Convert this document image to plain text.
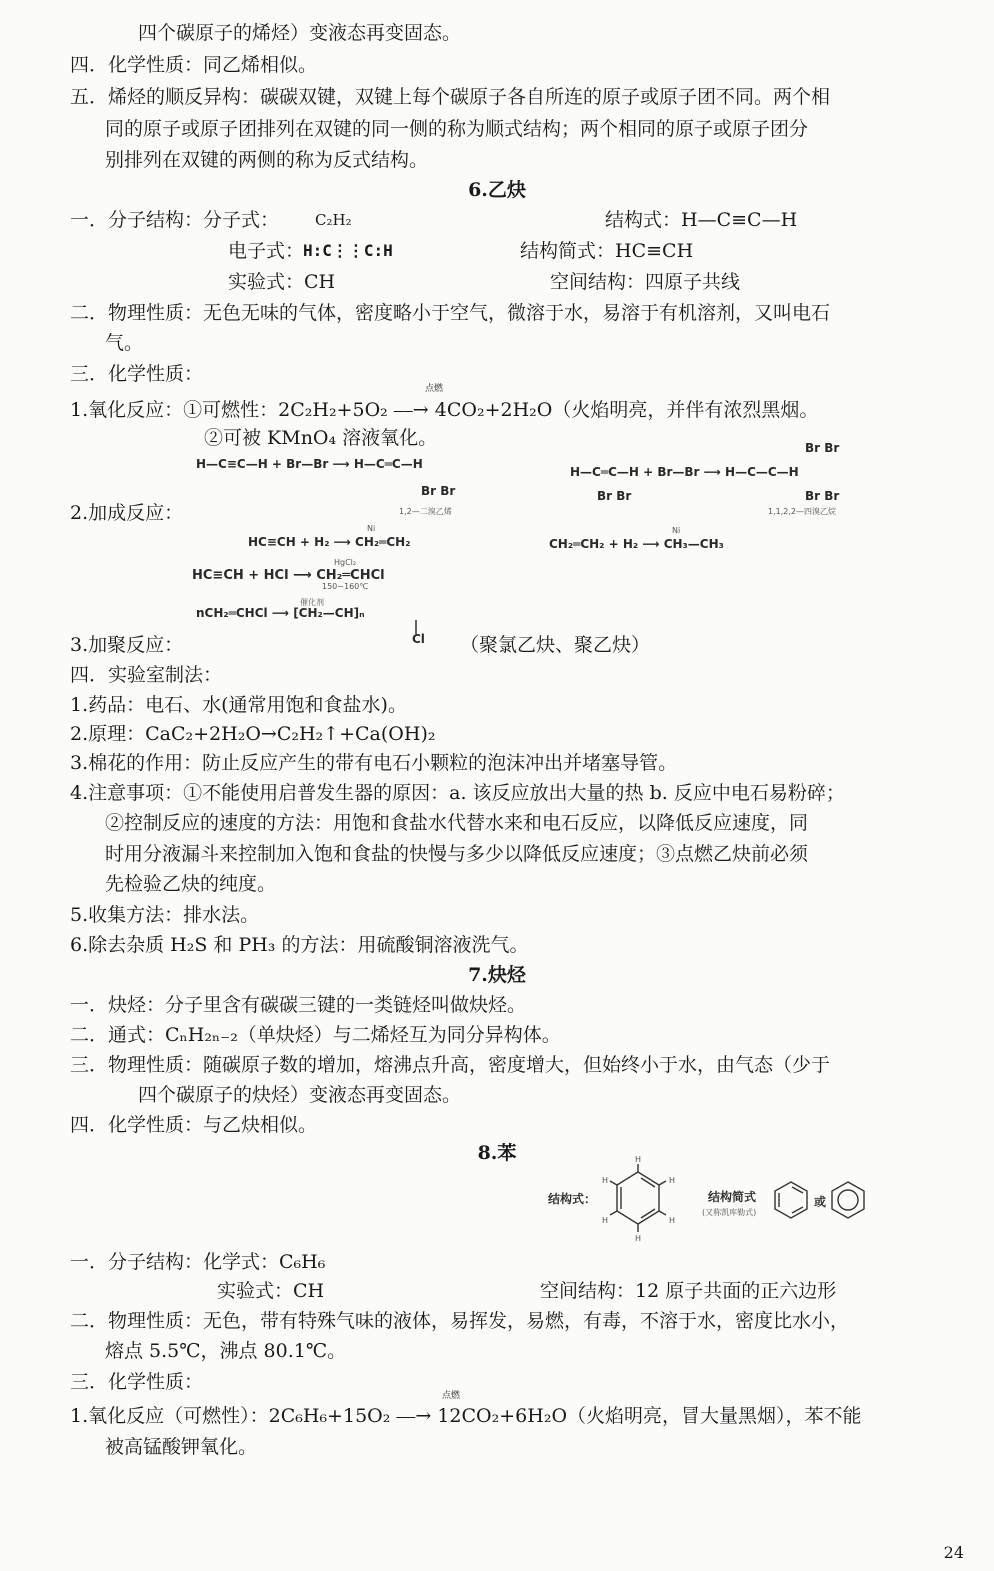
四个碳原子的烯烃）变液态再变固态。
四．化学性质：同乙烯相似。
五．烯烃的顺反异构：碳碳双键，双键上每个碳原子各自所连的原子或原子团不同。两个相
同的原子或原子团排列在双键的同一侧的称为顺式结构；两个相同的原子或原子团分
别排列在双键的两侧的称为反式结构。
6.乙炔
一．分子结构：分子式： C₂H₂	结构式：H—C≡C—H
电子式：
H:C⋮⋮C:H	结构简式：HC≡CH
实验式：CH	空间结构：四原子共线
二．物理性质：无色无味的气体，密度略小于空气，微溶于水，易溶于有机溶剂，又叫电石
气。
三．化学性质：
1.氧化反应：①可燃性：2C₂H₂+5O₂ ⎯⎯→ 4CO₂+2H₂O（火焰明亮，并伴有浓烈黑烟。
点燃
②可被 KMnO₄ 溶液氧化。
H—C≡C—H + Br—Br ⟶ H—C═C—H
Br Br
1,2—二溴乙烯
2.加成反应：
Br Br
H—C═C—H + Br—Br ⟶ H—C—C—H
Br Br	Br Br
1,1,2,2—四溴乙烷
HC≡CH + H₂ ⟶ CH₂═CH₂
Ni
CH₂═CH₂ + H₂ ⟶ CH₃—CH₃
Ni
HC≡CH + HCl ⟶ CH₂═CHCl
HgCl₂
150~160℃
nCH₂═CHCl ⟶ [CH₂—CH]ₙ
催化剂
Cl
3.加聚反应：	（聚氯乙炔、聚乙炔）
四．实验室制法：
1.药品：电石、水(通常用饱和食盐水)。
2.原理：CaC₂+2H₂O→C₂H₂↑+Ca(OH)₂
3.棉花的作用：防止反应产生的带有电石小颗粒的泡沫冲出并堵塞导管。
4.注意事项：①不能使用启普发生器的原因：a. 该反应放出大量的热 b. 反应中电石易粉碎；
②控制反应的速度的方法：用饱和食盐水代替水来和电石反应，以降低反应速度，同
时用分液漏斗来控制加入饱和食盐的快慢与多少以降低反应速度；③点燃乙炔前必须
先检验乙炔的纯度。
5.收集方法：排水法。
6.除去杂质 H₂S 和 PH₃ 的方法：用硫酸铜溶液洗气。
7.炔烃
一．炔烃：分子里含有碳碳三键的一类链烃叫做炔烃。
二．通式：CₙH₂ₙ₋₂（单炔烃）与二烯烃互为同分异构体。
三．物理性质：随碳原子数的增加，熔沸点升高，密度增大，但始终小于水，由气态（少于
四个碳原子的炔烃）变液态再变固态。
四．化学性质：与乙炔相似。
8.苯
结构式：
H
H
H
H
H
H
结构简式
(又称凯库勒式)
或
一．分子结构：化学式：C₆H₆
实验式：CH	空间结构：12 原子共面的正六边形
二．物理性质：无色，带有特殊气味的液体，易挥发，易燃，有毒，不溶于水，密度比水小，
熔点 5.5℃，沸点 80.1℃。
三．化学性质：
1.氧化反应（可燃性）：2C₆H₆+15O₂ ⎯⎯→ 12CO₂+6H₂O（火焰明亮，冒大量黑烟），苯不能
点燃
被高锰酸钾氧化。
24
